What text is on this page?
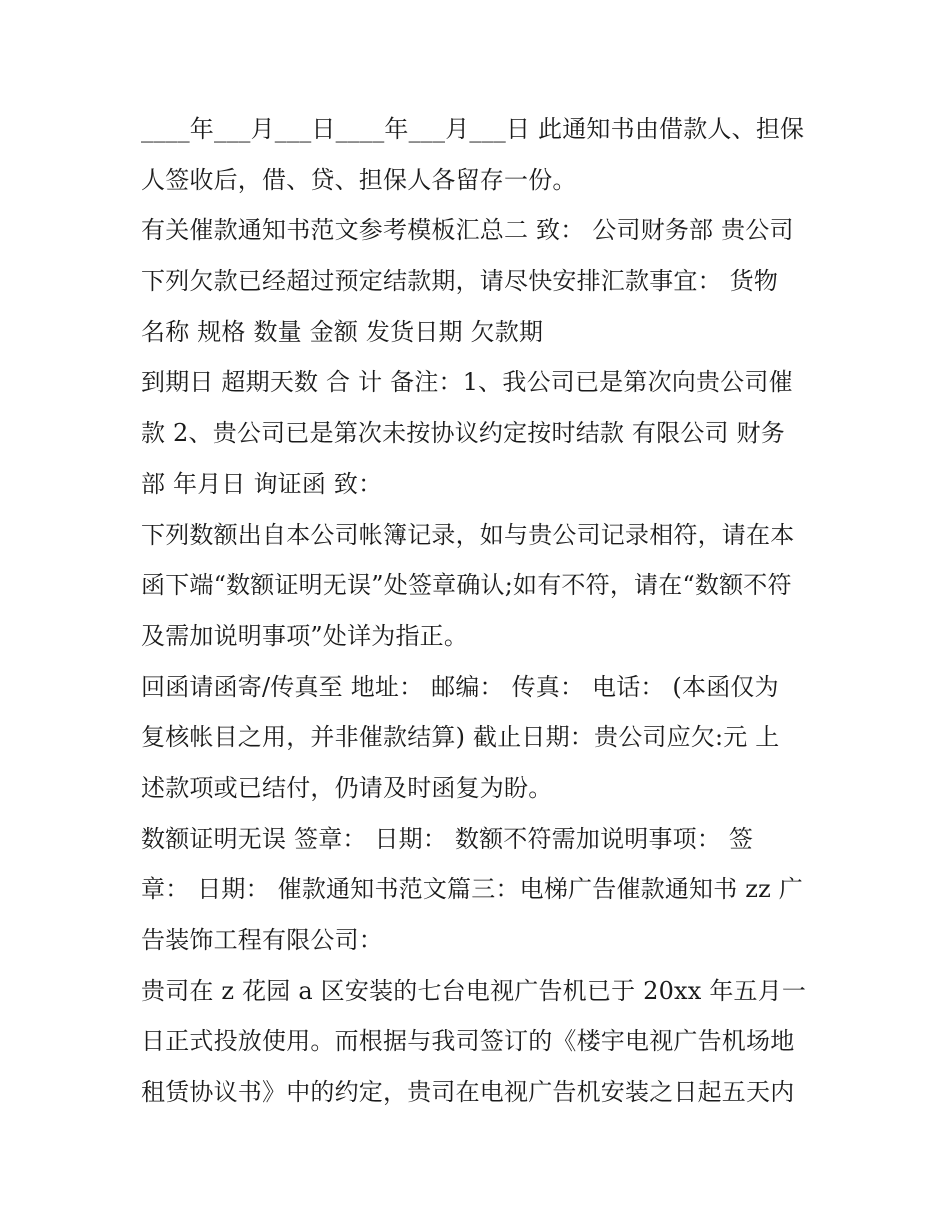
____年___月___日____年___月___日 此通知书由借款人、担保
人签收后，借、贷、担保人各留存一份。
有关催款通知书范文参考模板汇总二 致： 公司财务部 贵公司
下列欠款已经超过预定结款期，请尽快安排汇款事宜： 货物
名称 规格 数量 金额 发货日期 欠款期
到期日 超期天数 合 计 备注：1、我公司已是第次向贵公司催
款 2、贵公司已是第次未按协议约定按时结款 有限公司 财务
部 年月日 询证函 致：
下列数额出自本公司帐簿记录，如与贵公司记录相符，请在本
函下端“数额证明无误”处签章确认;如有不符，请在“数额不符
及需加说明事项”处详为指正。
回函请函寄/传真至 地址： 邮编： 传真： 电话： (本函仅为
复核帐目之用，并非催款结算) 截止日期：贵公司应欠:元 上
述款项或已结付，仍请及时函复为盼。
数额证明无误 签章： 日期： 数额不符需加说明事项： 签
章： 日期： 催款通知书范文篇三：电梯广告催款通知书 zz 广
告装饰工程有限公司：
贵司在 z 花园 a 区安装的七台电视广告机已于 20xx 年五月一
日正式投放使用。而根据与我司签订的《楼宇电视广告机场地
租赁协议书》中的约定，贵司在电视广告机安装之日起五天内
